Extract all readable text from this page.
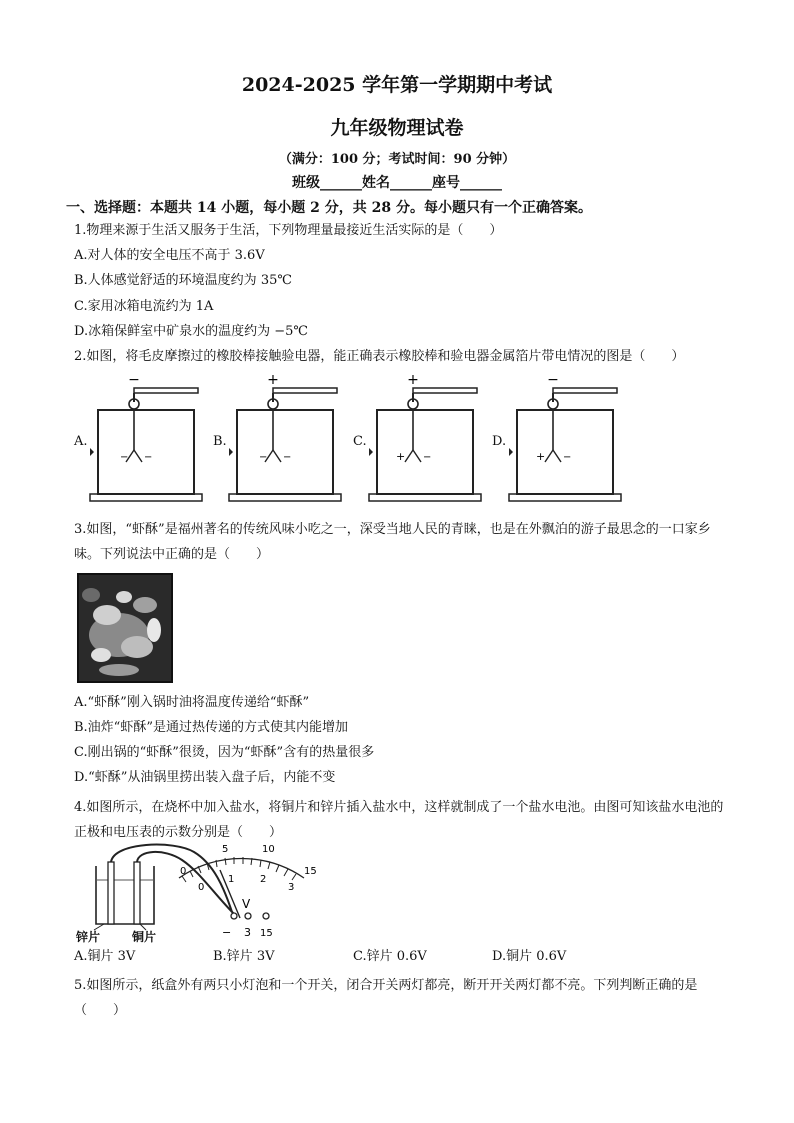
2024-2025 学年第一学期期中考试
九年级物理试卷
（满分：100 分；考试时间：90 分钟）
班级______姓名______座号______
一、选择题：本题共 14 小题，每小题 2 分，共 28 分。每小题只有一个正确答案。
1.物理来源于生活又服务于生活，下列物理量最接近生活实际的是（　　）
A.对人体的安全电压不高于 3.6V
B.人体感觉舒适的环境温度约为 35℃
C.家用冰箱电流约为 1A
D.冰箱保鲜室中矿泉水的温度约为 −5℃
2.如图，将毛皮摩擦过的橡胶棒接触验电器，能正确表示橡胶棒和验电器金属箔片带电情况的图是（　　）
A.	B.	C.	D.
−
− −
+
− −
+
+ −
−
+ −
3.如图，“虾酥”是福州著名的传统风味小吃之一，深受当地人民的青睐，也是在外飘泊的游子最思念的一口家乡味。下列说法中正确的是（　　）
A.“虾酥”刚入锅时油将温度传递给“虾酥”
B.油炸“虾酥”是通过热传递的方式使其内能增加
C.刚出锅的“虾酥”很烫，因为“虾酥”含有的热量很多
D.“虾酥”从油锅里捞出装入盘子后，内能不变
4.如图所示，在烧杯中加入盐水，将铜片和锌片插入盐水中，这样就制成了一个盐水电池。由图可知该盐水电池的正极和电压表的示数分别是（　　）
0
5	10
15
0
1	2
3
V
− 3 15
锌片	铜片
A.铜片 3V	B.锌片 3V	C.锌片 0.6V	D.铜片 0.6V
5.如图所示，纸盒外有两只小灯泡和一个开关，闭合开关两灯都亮，断开开关两灯都不亮。下列判断正确的是（　　）
